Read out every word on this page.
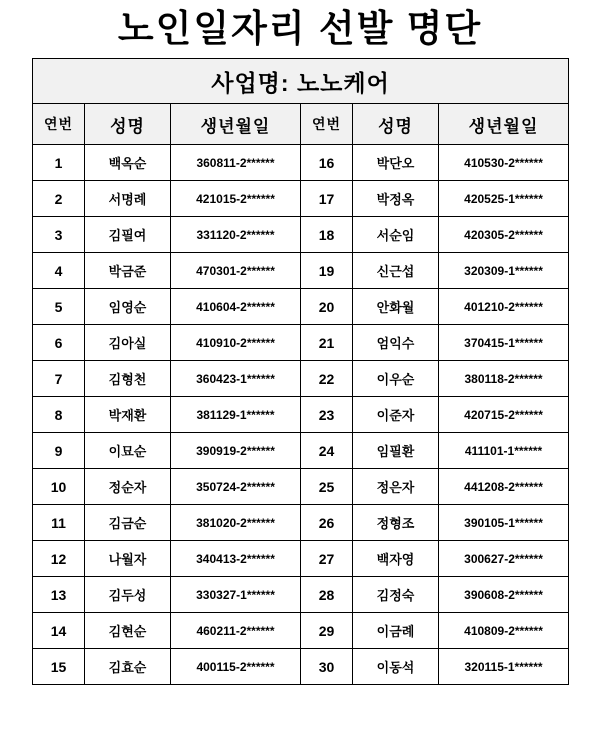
노인일자리 선발 명단
사업명: 노노케어					
연번	성명	생년월일	연번	성명	생년월일
1	백옥순	360811-2******	16	박단오	410530-2******
2	서명례	421015-2******	17	박정옥	420525-1******
3	김필여	331120-2******	18	서순임	420305-2******
4	박금준	470301-2******	19	신근섭	320309-1******
5	임영순	410604-2******	20	안화월	401210-2******
6	김아실	410910-2******	21	엄익수	370415-1******
7	김형천	360423-1******	22	이우순	380118-2******
8	박재환	381129-1******	23	이준자	420715-2******
9	이묘순	390919-2******	24	임필환	411101-1******
10	정순자	350724-2******	25	정은자	441208-2******
11	김금순	381020-2******	26	정형조	390105-1******
12	나월자	340413-2******	27	백자영	300627-2******
13	김두성	330327-1******	28	김정숙	390608-2******
14	김현순	460211-2******	29	이금례	410809-2******
15	김효순	400115-2******	30	이동석	320115-1******
